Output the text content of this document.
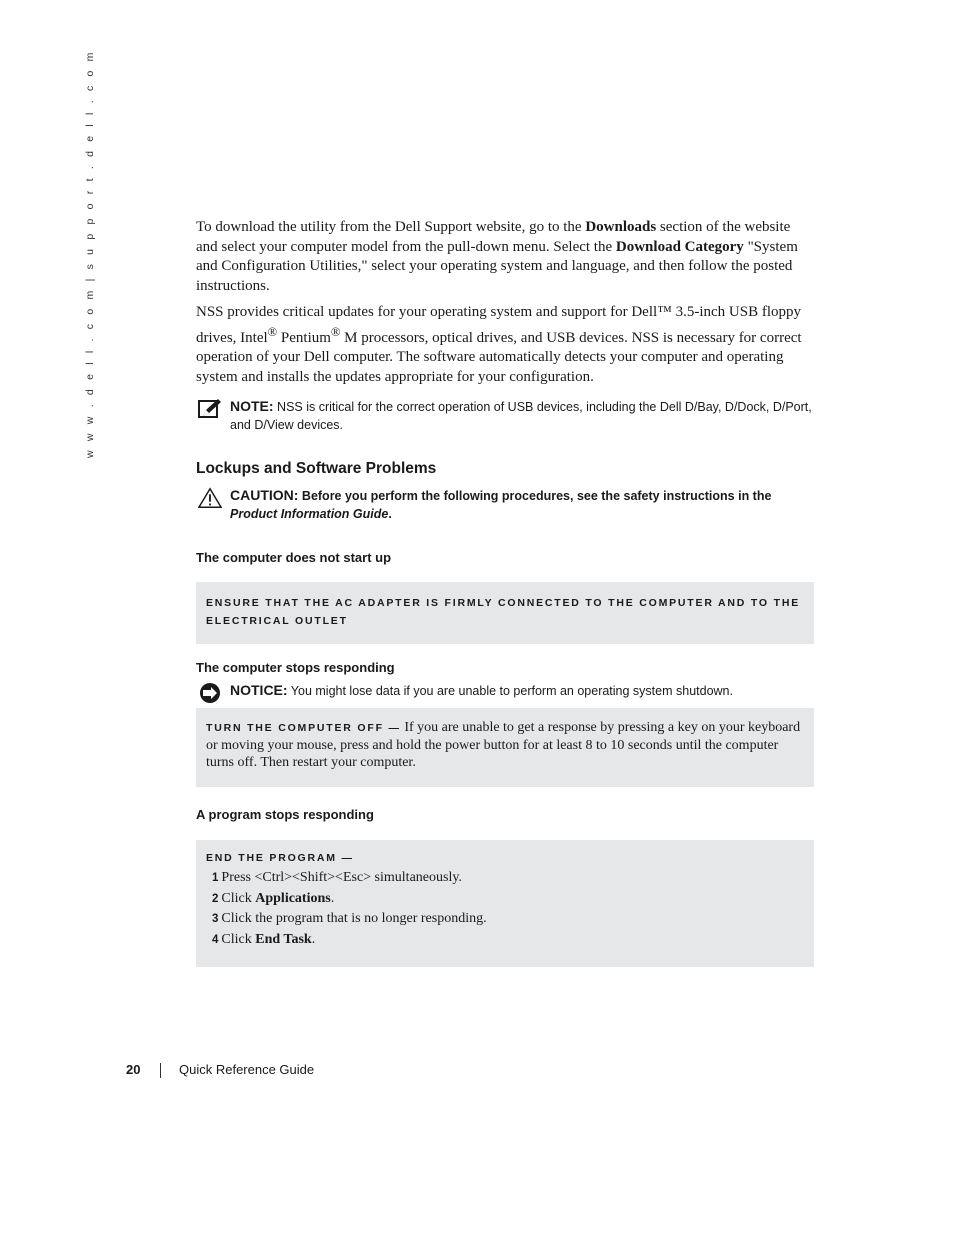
w w w . d e l l . c o m | s u p p o r t . d e l l . c o m	To download the utility from the Dell Support website, go to the Downloads section of the website and select your computer model from the pull-down menu. Select the Download Category "System and Configuration Utilities," select your operating system and language, and then follow the posted instructions.

NSS provides critical updates for your operating system and support for Dell™ 3.5-inch USB floppy drives, Intel® Pentium® M processors, optical drives, and USB devices. NSS is necessary for correct operation of your Dell computer. The software automatically detects your computer and operating system and installs the updates appropriate for your configuration.

NOTE: NSS is critical for the correct operation of USB devices, including the Dell D/Bay, D/Dock, D/Port, and D/View devices.
Lockups and Software Problems
CAUTION: Before you perform the following procedures, see the safety instructions in the Product Information Guide.
The computer does not start up
ENSURE THAT THE AC ADAPTER IS FIRMLY CONNECTED TO THE COMPUTER AND TO THE ELECTRICAL OUTLET
The computer stops responding
NOTICE: You might lose data if you are unable to perform an operating system shutdown.
TURN THE COMPUTER OFF — If you are unable to get a response by pressing a key on your keyboard or moving your mouse, press and hold the power button for at least 8 to 10 seconds until the computer turns off. Then restart your computer.
A program stops responding
END THE PROGRAM —
1 Press <Ctrl><Shift><Esc> simultaneously.
2 Click Applications.
3 Click the program that is no longer responding.
4 Click End Task.
20	Quick Reference Guide
